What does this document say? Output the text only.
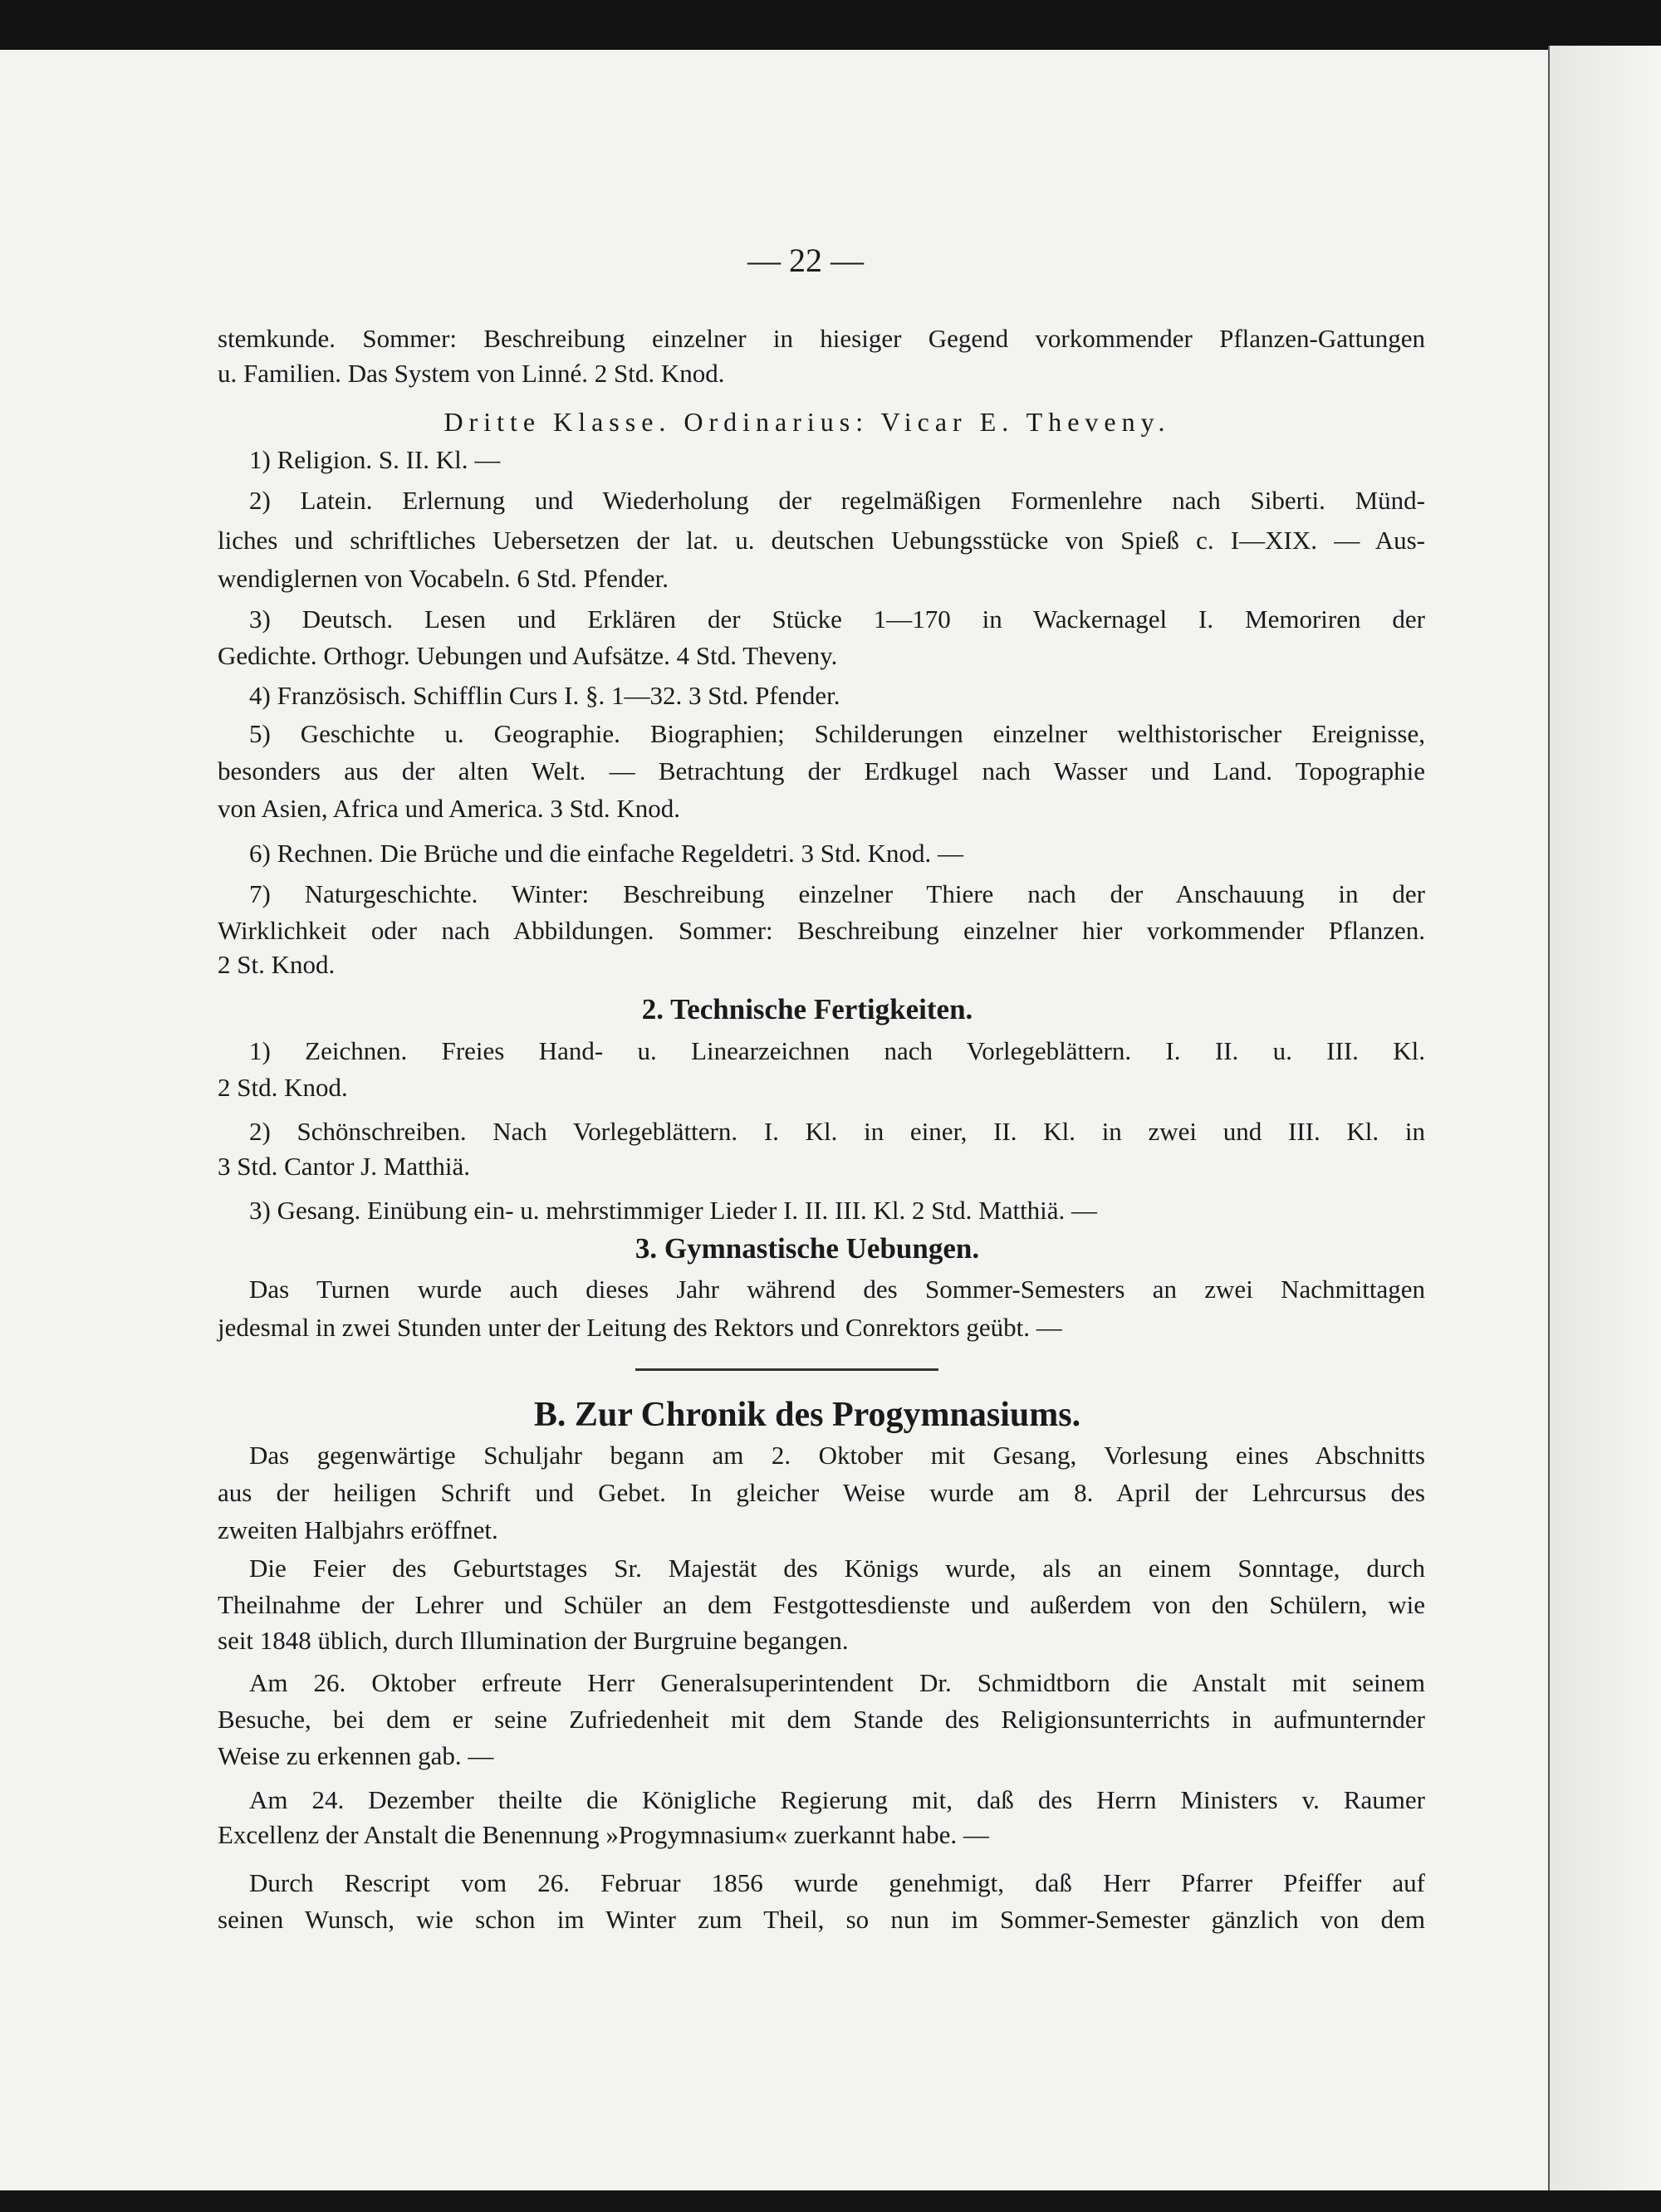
— 22 —
stemkunde. Sommer: Beschreibung einzelner in hiesiger Gegend vorkommender Pflanzen-Gattungen
u. Familien. Das System von Linné. 2 Std. Knod.
Dritte Klasse. Ordinarius: Vicar E. Theveny.
1) Religion. S. II. Kl. —
2) Latein. Erlernung und Wiederholung der regelmäßigen Formenlehre nach Siberti. Münd-
liches und schriftliches Uebersetzen der lat. u. deutschen Uebungsstücke von Spieß c. I—XIX. — Aus-
wendiglernen von Vocabeln. 6 Std. Pfender.
3) Deutsch. Lesen und Erklären der Stücke 1—170 in Wackernagel I. Memoriren der
Gedichte. Orthogr. Uebungen und Aufsätze. 4 Std. Theveny.
4) Französisch. Schifflin Curs I. §. 1—32. 3 Std. Pfender.
5) Geschichte u. Geographie. Biographien; Schilderungen einzelner welthistorischer Ereignisse,
besonders aus der alten Welt. — Betrachtung der Erdkugel nach Wasser und Land. Topographie
von Asien, Africa und America. 3 Std. Knod.
6) Rechnen. Die Brüche und die einfache Regeldetri. 3 Std. Knod. —
7) Naturgeschichte. Winter: Beschreibung einzelner Thiere nach der Anschauung in der
Wirklichkeit oder nach Abbildungen. Sommer: Beschreibung einzelner hier vorkommender Pflanzen.
2 St. Knod.
2. Technische Fertigkeiten.
1) Zeichnen. Freies Hand- u. Linearzeichnen nach Vorlegeblättern. I. II. u. III. Kl.
2 Std. Knod.
2) Schönschreiben. Nach Vorlegeblättern. I. Kl. in einer, II. Kl. in zwei und III. Kl. in
3 Std. Cantor J. Matthiä.
3) Gesang. Einübung ein- u. mehrstimmiger Lieder I. II. III. Kl. 2 Std. Matthiä. —
3. Gymnastische Uebungen.
Das Turnen wurde auch dieses Jahr während des Sommer-Semesters an zwei Nachmittagen
jedesmal in zwei Stunden unter der Leitung des Rektors und Conrektors geübt. —
B. Zur Chronik des Progymnasiums.
Das gegenwärtige Schuljahr begann am 2. Oktober mit Gesang, Vorlesung eines Abschnitts
aus der heiligen Schrift und Gebet. In gleicher Weise wurde am 8. April der Lehrcursus des
zweiten Halbjahrs eröffnet.
Die Feier des Geburtstages Sr. Majestät des Königs wurde, als an einem Sonntage, durch
Theilnahme der Lehrer und Schüler an dem Festgottesdienste und außerdem von den Schülern, wie
seit 1848 üblich, durch Illumination der Burgruine begangen.
Am 26. Oktober erfreute Herr Generalsuperintendent Dr. Schmidtborn die Anstalt mit seinem
Besuche, bei dem er seine Zufriedenheit mit dem Stande des Religionsunterrichts in aufmunternder
Weise zu erkennen gab. —
Am 24. Dezember theilte die Königliche Regierung mit, daß des Herrn Ministers v. Raumer
Excellenz der Anstalt die Benennung »Progymnasium« zuerkannt habe. —
Durch Rescript vom 26. Februar 1856 wurde genehmigt, daß Herr Pfarrer Pfeiffer auf
seinen Wunsch, wie schon im Winter zum Theil, so nun im Sommer-Semester gänzlich von dem
